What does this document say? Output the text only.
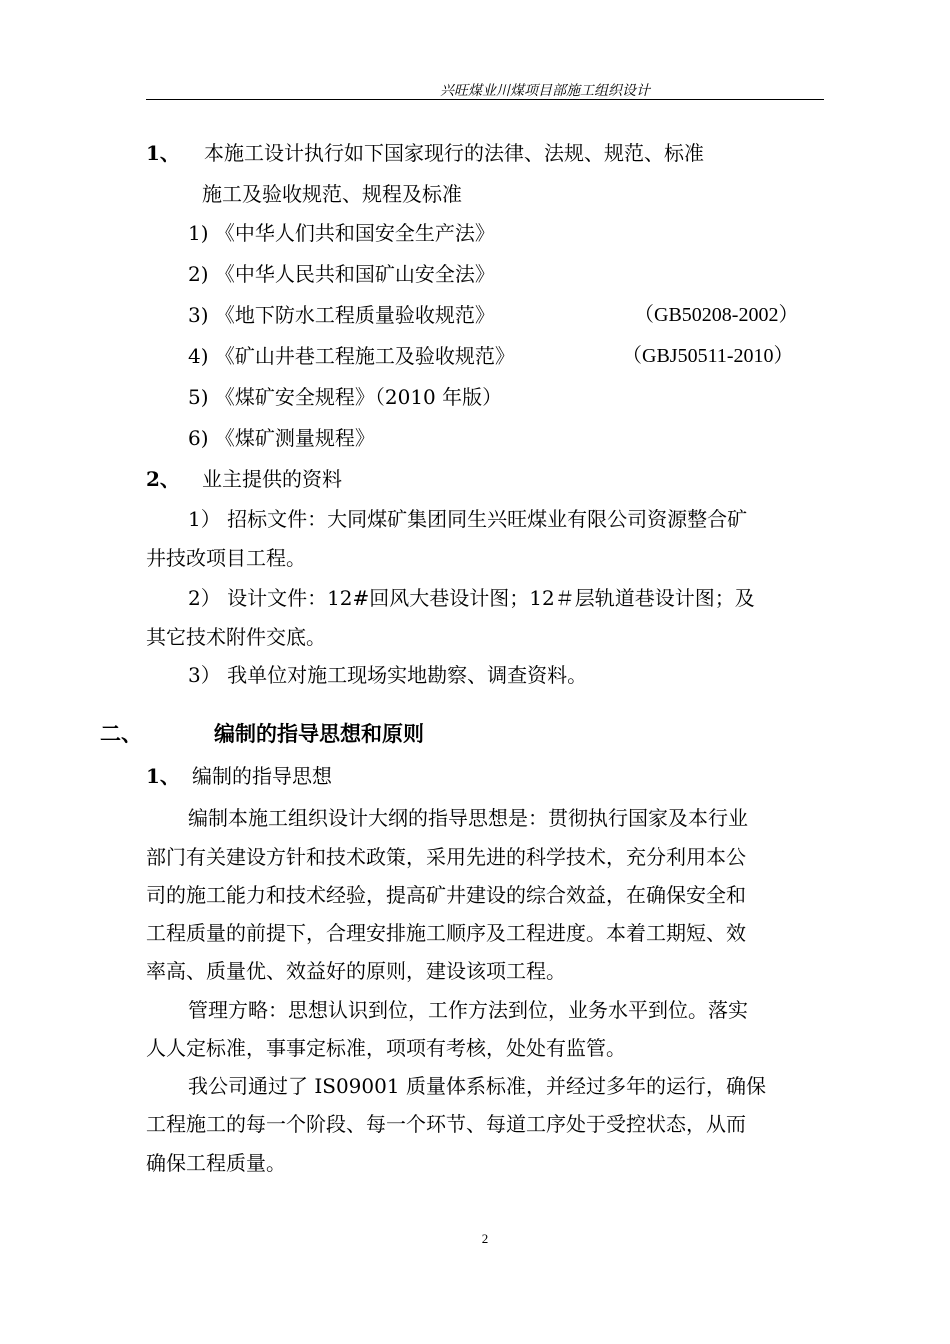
兴旺煤业川煤项目部施工组织设计
1、 本施工设计执行如下国家现行的法律、法规、规范、标准
施工及验收规范、规程及标准
1) 《中华人们共和国安全生产法》
2) 《中华人民共和国矿山安全法》
3) 《地下防水工程质量验收规范》	（GB50208-2002）
4) 《矿山井巷工程施工及验收规范》	（GBJ50511-2010）
5) 《煤矿安全规程》（2010 年版）
6) 《煤矿测量规程》
2、 业主提供的资料
1） 招标文件：大同煤矿集团同生兴旺煤业有限公司资源整合矿
井技改项目工程。
2） 设计文件：12#回风大巷设计图；12＃层轨道巷设计图；及
其它技术附件交底。
3） 我单位对施工现场实地勘察、调查资料。
二、	编制的指导思想和原则
1、 编制的指导思想
编制本施工组织设计大纲的指导思想是：贯彻执行国家及本行业
部门有关建设方针和技术政策，采用先进的科学技术，充分利用本公
司的施工能力和技术经验，提高矿井建设的综合效益，在确保安全和
工程质量的前提下，合理安排施工顺序及工程进度。本着工期短、效
率高、质量优、效益好的原则，建设该项工程。
管理方略：思想认识到位，工作方法到位，业务水平到位。落实
人人定标准，事事定标准，项项有考核，处处有监管。
我公司通过了 IS09001 质量体系标准，并经过多年的运行，确保
工程施工的每一个阶段、每一个环节、每道工序处于受控状态，从而
确保工程质量。
2
